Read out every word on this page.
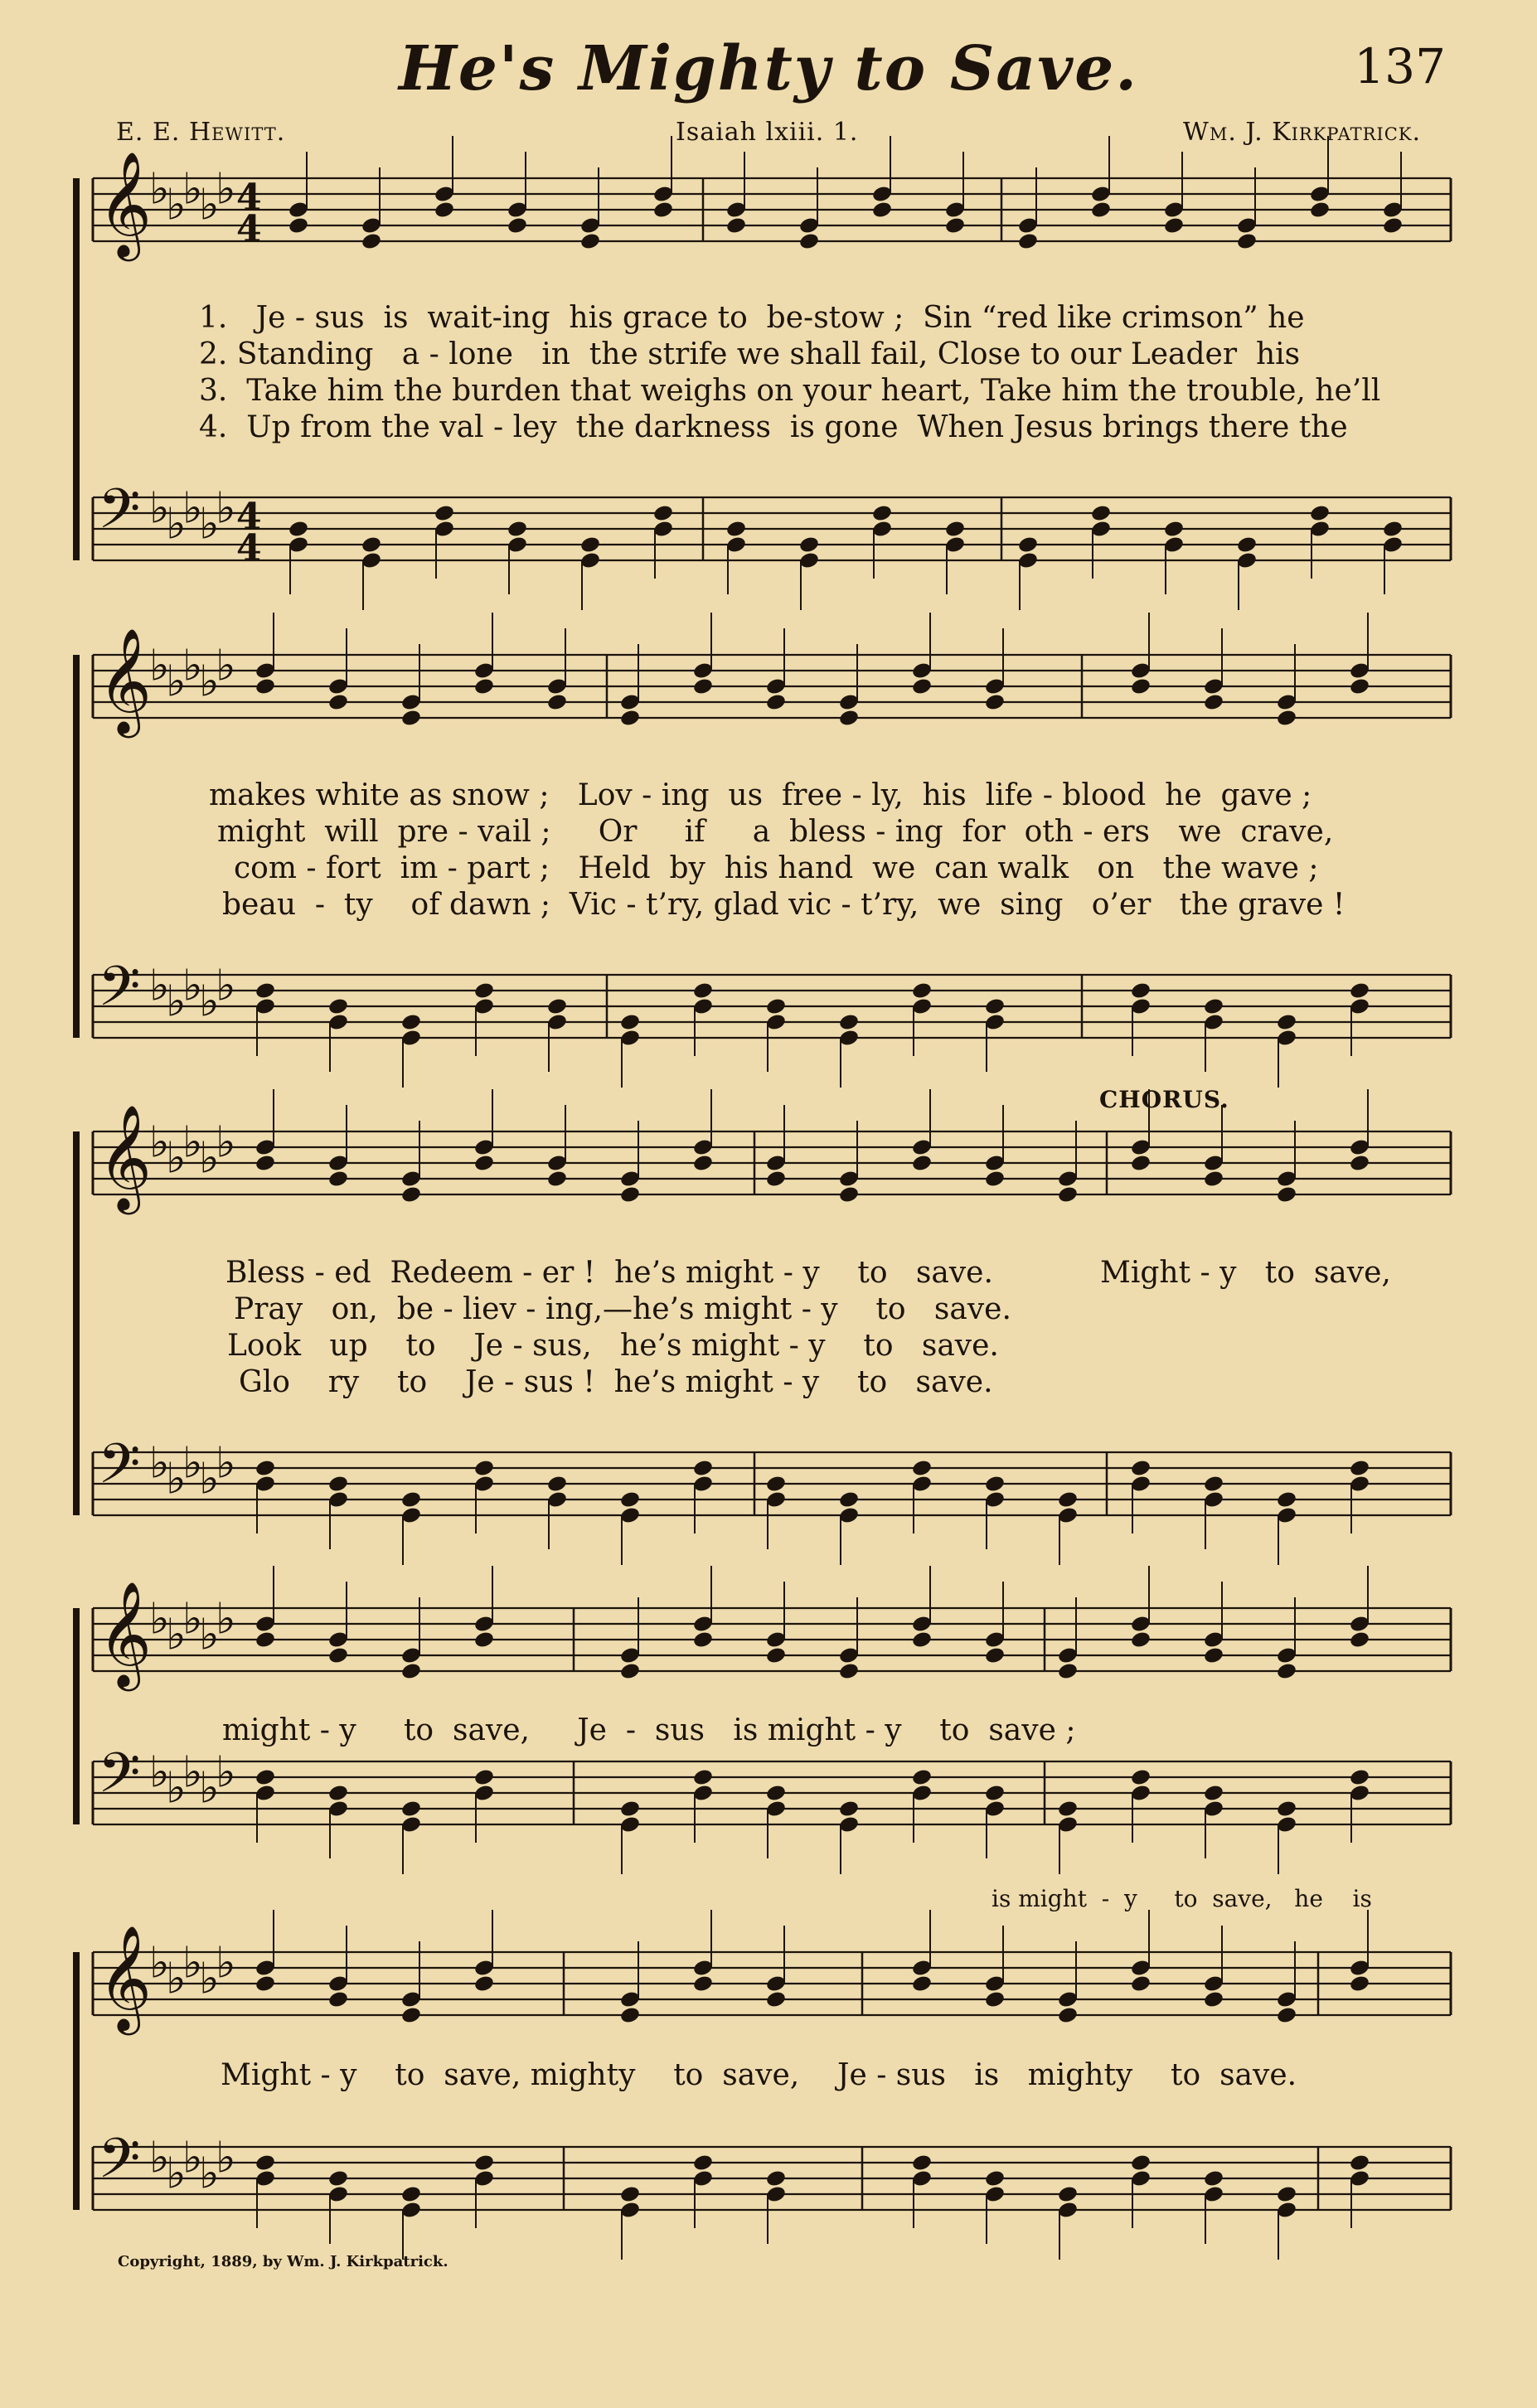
He's Mighty to Save.	137
E. E. Hewitt.	Isaiah lxiii. 1.	Wm. J. Kirkpatrick.
𝄞
♭
♭
♭
♭
♭ 4
4
𝄢 ♭
♭
♭
♭
♭ 4
4
𝄞
♭
♭
♭
♭
♭
𝄢 ♭
♭
♭
♭
♭
𝄞
♭
♭
♭
♭
♭
𝄢 ♭
♭
♭
♭
♭
𝄞
♭
♭
♭
♭
♭
𝄢 ♭
♭
♭
♭
♭
𝄞
♭
♭
♭
♭
♭
𝄢 ♭
♭
♭
♭
♭
1.   Je - sus  is  wait-ing  his grace to  be-stow ;  Sin “red like crimson” he
2. Standing   a - lone   in  the strife we shall fail, Close to our Leader  his
3.  Take him the burden that weighs on your heart, Take him the trouble, he’ll
4.  Up from the val - ley  the darkness  is gone  When Jesus brings there the
makes white as snow ;   Lov - ing  us  free - ly,  his  life - blood  he  gave ;
might  will  pre - vail ;     Or     if     a  bless - ing  for  oth - ers   we  crave,
com - fort  im - part ;   Held  by  his hand  we  can walk   on   the wave ;
beau  -  ty    of dawn ;  Vic - t’ry, glad vic - t’ry,  we  sing   o’er   the grave !
CHORUS.
Bless - ed  Redeem - er !  he’s might - y    to   save.	Might - y   to  save,
Pray   on,  be - liev - ing,—he’s might - y    to   save.
Look   up    to    Je - sus,   he’s might - y    to   save.
Glo    ry    to    Je - sus !  he’s might - y    to   save.
might - y     to  save,     Je  -  sus   is might - y    to  save ;
is might  -  y     to  save,   he    is
Might - y    to  save, mighty    to  save,    Je - sus   is   mighty    to  save.
Copyright, 1889, by Wm. J. Kirkpatrick.
